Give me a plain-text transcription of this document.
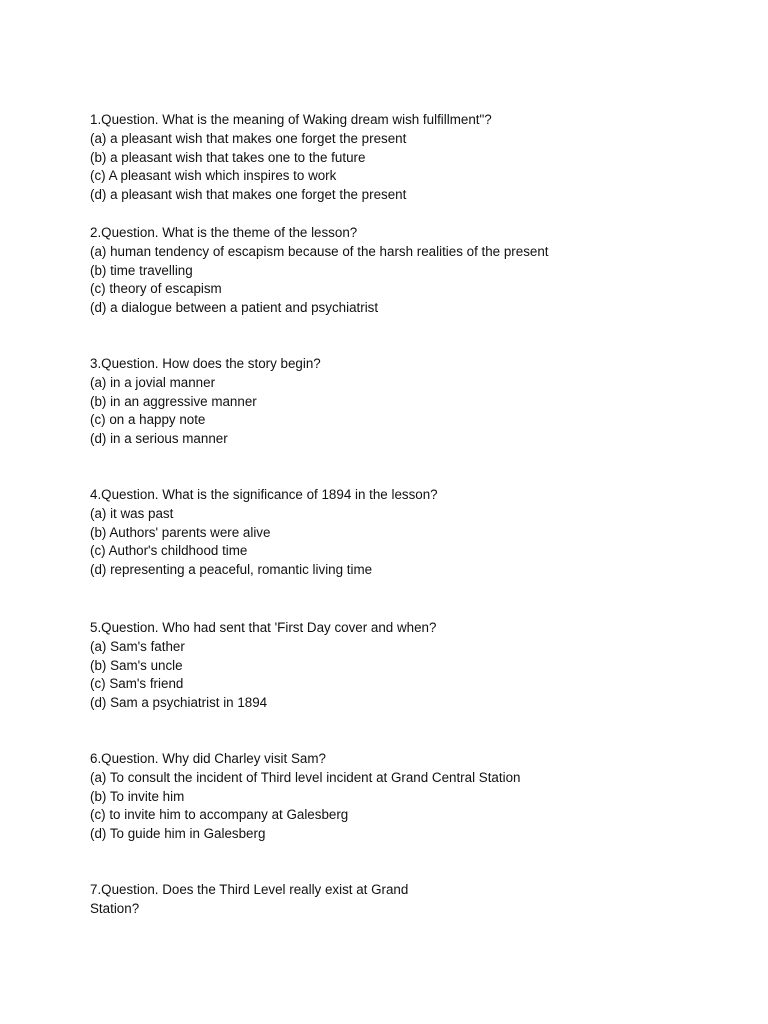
1.Question. What is the meaning of Waking dream wish fulfillment"?
(a) a pleasant wish that makes one forget the present
(b) a pleasant wish that takes one to the future
(c) A pleasant wish which inspires to work
(d) a pleasant wish that makes one forget the present
2.Question. What is the theme of the lesson?
(a) human tendency of escapism because of the harsh realities of the present
(b) time travelling
(c) theory of escapism
(d) a dialogue between a patient and psychiatrist
3.Question. How does the story begin?
(a) in a jovial manner
(b) in an aggressive manner
(c) on a happy note
(d) in a serious manner
4.Question. What is the significance of 1894 in the lesson?
(a) it was past
(b) Authors' parents were alive
(c) Author's childhood time
(d) representing a peaceful, romantic living time
5.Question. Who had sent that 'First Day cover and when?
(a) Sam's father
(b) Sam's uncle
(c) Sam's friend
(d) Sam a psychiatrist in 1894
6.Question. Why did Charley visit Sam?
(a) To consult the incident of Third level incident at Grand Central Station
(b) To invite him
(c) to invite him to accompany at Galesberg
(d) To guide him in Galesberg
7.Question. Does the Third Level really exist at Grand Station?
